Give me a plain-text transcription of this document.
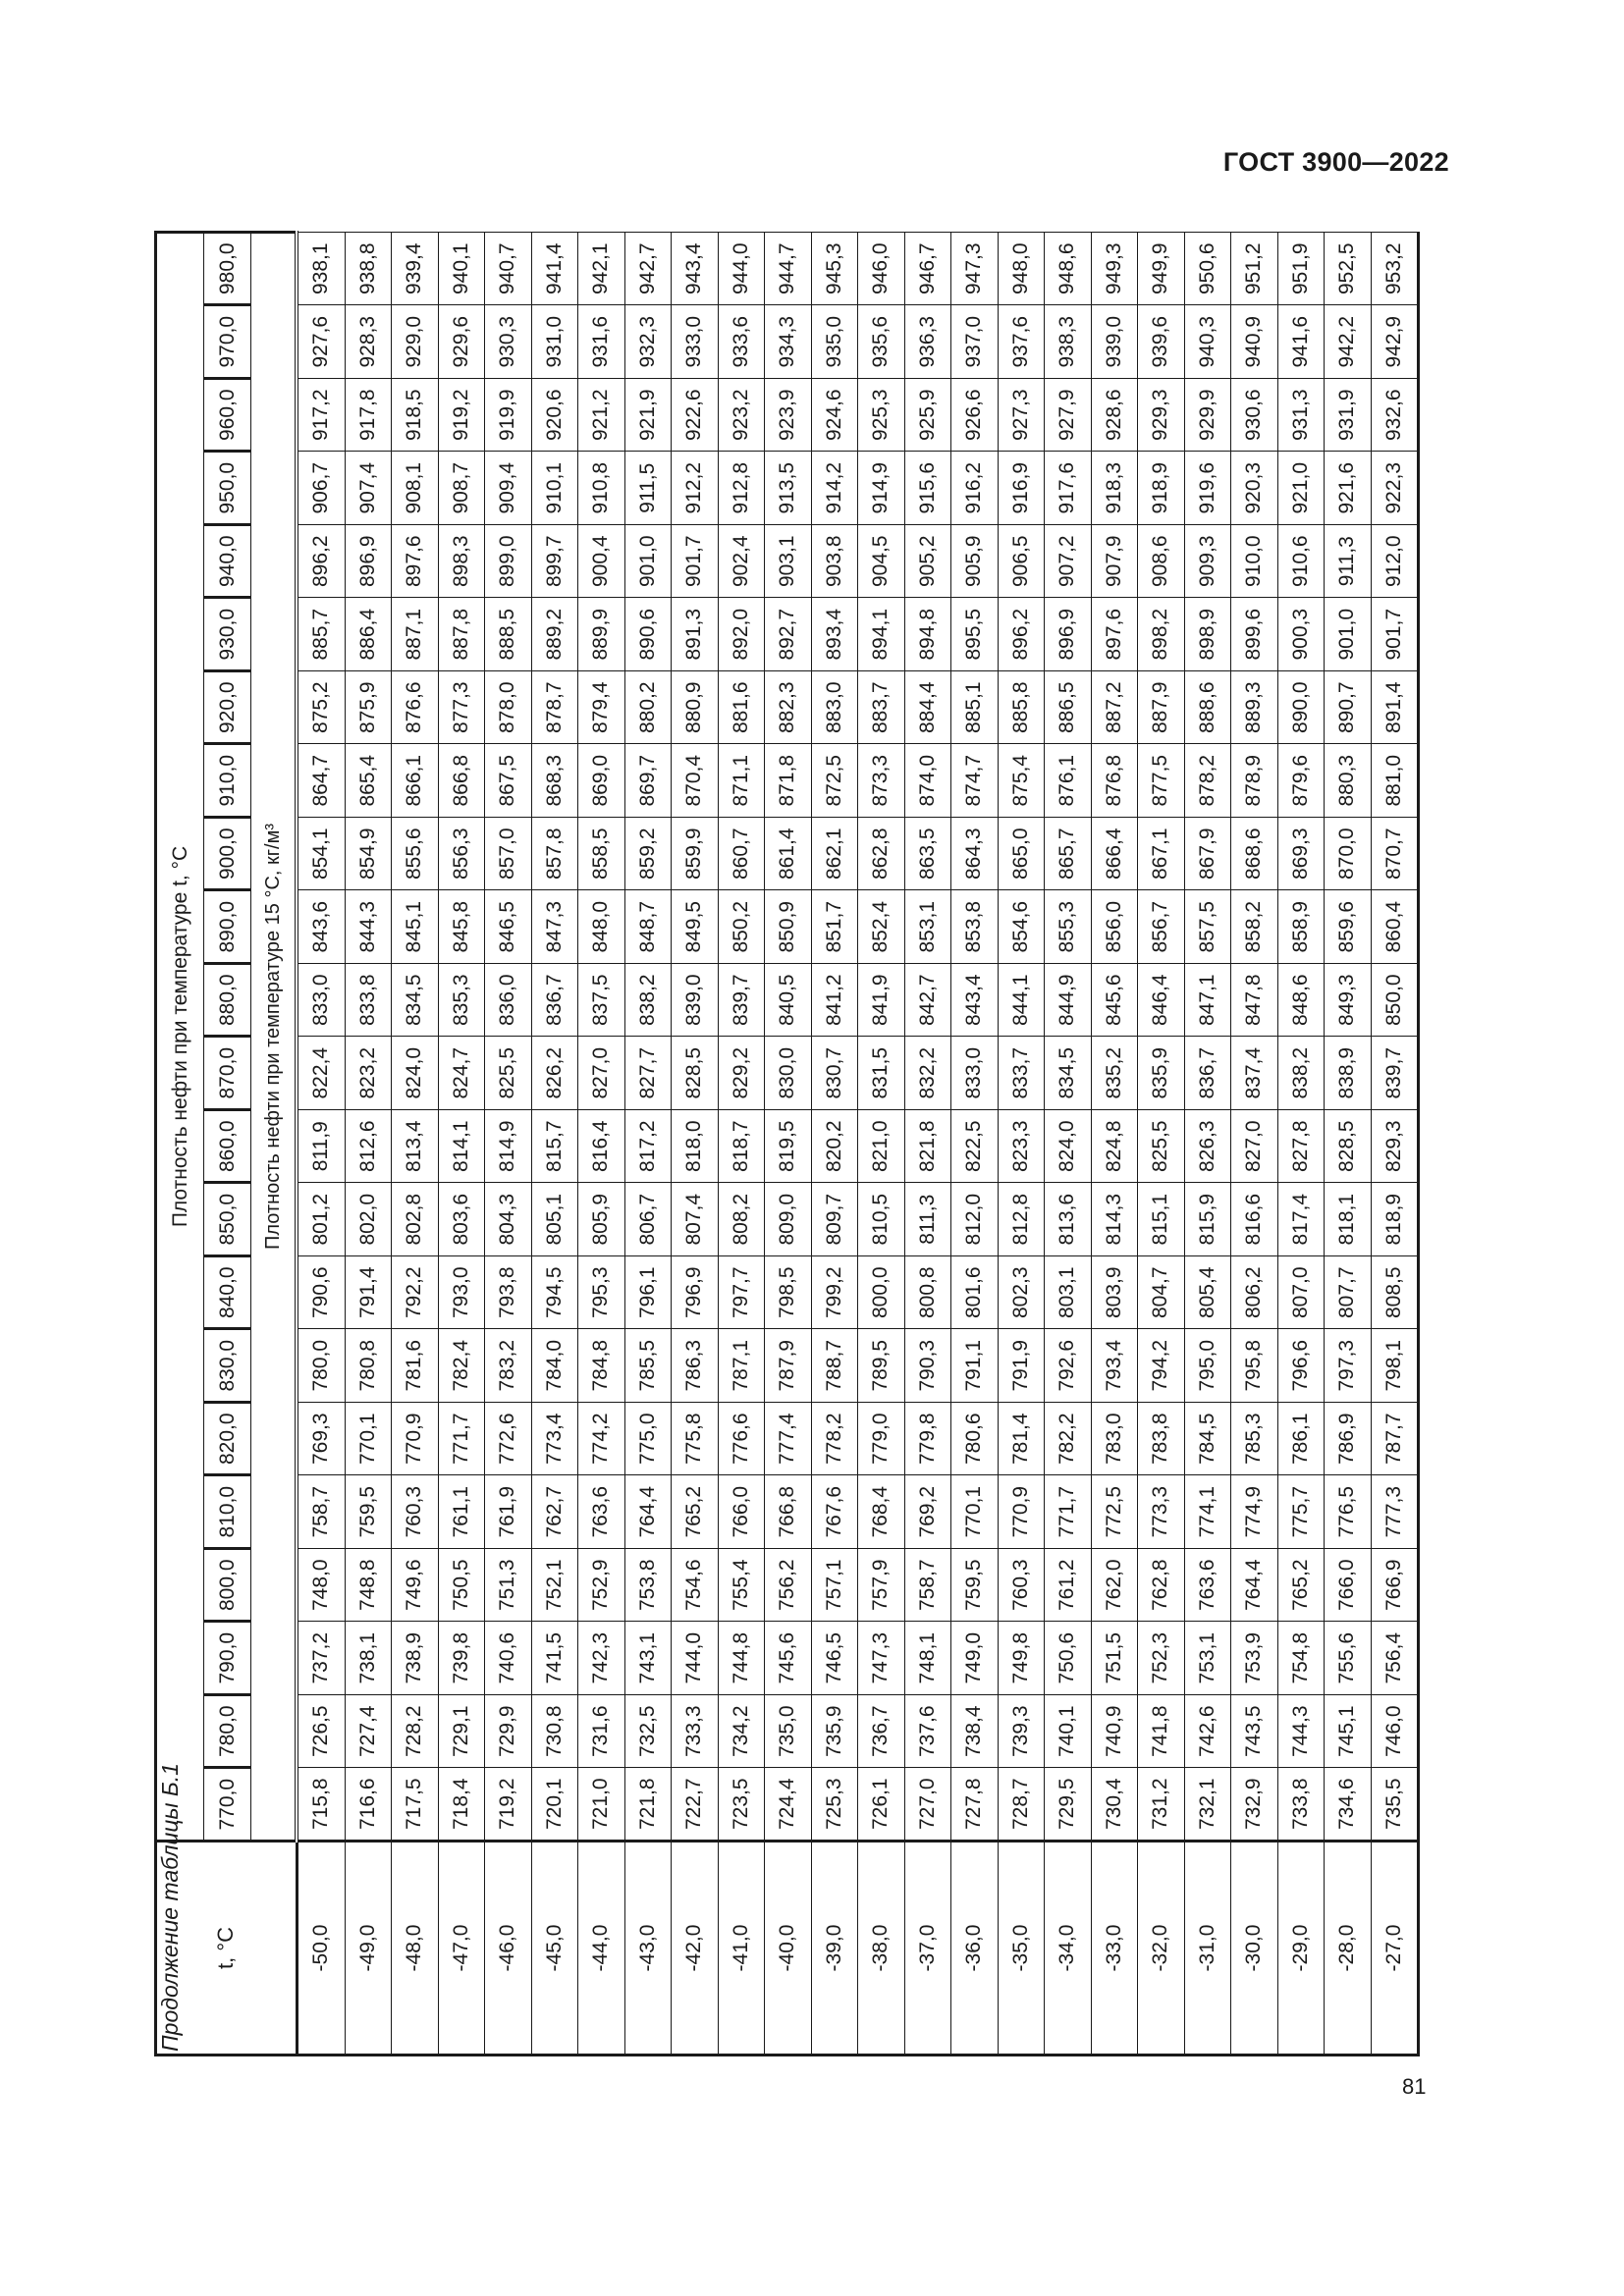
ГОСТ 3900—2022
Продолжение таблицы Б.1 t, °C	Плотность нефти при температуре t, °C																					
	770,0	780,0	790,0	800,0	810,0	820,0	830,0	840,0	850,0	860,0	870,0	880,0	890,0	900,0	910,0	920,0	930,0	940,0	950,0	960,0	970,0	980,0
	Плотность нефти при температуре 15 °C, кг/м³																					
-50,0	715,8	726,5	737,2	748,0	758,7	769,3	780,0	790,6	801,2	811,9	822,4	833,0	843,6	854,1	864,7	875,2	885,7	896,2	906,7	917,2	927,6	938,1
-49,0	716,6	727,4	738,1	748,8	759,5	770,1	780,8	791,4	802,0	812,6	823,2	833,8	844,3	854,9	865,4	875,9	886,4	896,9	907,4	917,8	928,3	938,8
-48,0	717,5	728,2	738,9	749,6	760,3	770,9	781,6	792,2	802,8	813,4	824,0	834,5	845,1	855,6	866,1	876,6	887,1	897,6	908,1	918,5	929,0	939,4
-47,0	718,4	729,1	739,8	750,5	761,1	771,7	782,4	793,0	803,6	814,1	824,7	835,3	845,8	856,3	866,8	877,3	887,8	898,3	908,7	919,2	929,6	940,1
-46,0	719,2	729,9	740,6	751,3	761,9	772,6	783,2	793,8	804,3	814,9	825,5	836,0	846,5	857,0	867,5	878,0	888,5	899,0	909,4	919,9	930,3	940,7
-45,0	720,1	730,8	741,5	752,1	762,7	773,4	784,0	794,5	805,1	815,7	826,2	836,7	847,3	857,8	868,3	878,7	889,2	899,7	910,1	920,6	931,0	941,4
-44,0	721,0	731,6	742,3	752,9	763,6	774,2	784,8	795,3	805,9	816,4	827,0	837,5	848,0	858,5	869,0	879,4	889,9	900,4	910,8	921,2	931,6	942,1
-43,0	721,8	732,5	743,1	753,8	764,4	775,0	785,5	796,1	806,7	817,2	827,7	838,2	848,7	859,2	869,7	880,2	890,6	901,0	911,5	921,9	932,3	942,7
-42,0	722,7	733,3	744,0	754,6	765,2	775,8	786,3	796,9	807,4	818,0	828,5	839,0	849,5	859,9	870,4	880,9	891,3	901,7	912,2	922,6	933,0	943,4
-41,0	723,5	734,2	744,8	755,4	766,0	776,6	787,1	797,7	808,2	818,7	829,2	839,7	850,2	860,7	871,1	881,6	892,0	902,4	912,8	923,2	933,6	944,0
-40,0	724,4	735,0	745,6	756,2	766,8	777,4	787,9	798,5	809,0	819,5	830,0	840,5	850,9	861,4	871,8	882,3	892,7	903,1	913,5	923,9	934,3	944,7
-39,0	725,3	735,9	746,5	757,1	767,6	778,2	788,7	799,2	809,7	820,2	830,7	841,2	851,7	862,1	872,5	883,0	893,4	903,8	914,2	924,6	935,0	945,3
-38,0	726,1	736,7	747,3	757,9	768,4	779,0	789,5	800,0	810,5	821,0	831,5	841,9	852,4	862,8	873,3	883,7	894,1	904,5	914,9	925,3	935,6	946,0
-37,0	727,0	737,6	748,1	758,7	769,2	779,8	790,3	800,8	811,3	821,8	832,2	842,7	853,1	863,5	874,0	884,4	894,8	905,2	915,6	925,9	936,3	946,7
-36,0	727,8	738,4	749,0	759,5	770,1	780,6	791,1	801,6	812,0	822,5	833,0	843,4	853,8	864,3	874,7	885,1	895,5	905,9	916,2	926,6	937,0	947,3
-35,0	728,7	739,3	749,8	760,3	770,9	781,4	791,9	802,3	812,8	823,3	833,7	844,1	854,6	865,0	875,4	885,8	896,2	906,5	916,9	927,3	937,6	948,0
-34,0	729,5	740,1	750,6	761,2	771,7	782,2	792,6	803,1	813,6	824,0	834,5	844,9	855,3	865,7	876,1	886,5	896,9	907,2	917,6	927,9	938,3	948,6
-33,0	730,4	740,9	751,5	762,0	772,5	783,0	793,4	803,9	814,3	824,8	835,2	845,6	856,0	866,4	876,8	887,2	897,6	907,9	918,3	928,6	939,0	949,3
-32,0	731,2	741,8	752,3	762,8	773,3	783,8	794,2	804,7	815,1	825,5	835,9	846,4	856,7	867,1	877,5	887,9	898,2	908,6	918,9	929,3	939,6	949,9
-31,0	732,1	742,6	753,1	763,6	774,1	784,5	795,0	805,4	815,9	826,3	836,7	847,1	857,5	867,9	878,2	888,6	898,9	909,3	919,6	929,9	940,3	950,6
-30,0	732,9	743,5	753,9	764,4	774,9	785,3	795,8	806,2	816,6	827,0	837,4	847,8	858,2	868,6	878,9	889,3	899,6	910,0	920,3	930,6	940,9	951,2
-29,0	733,8	744,3	754,8	765,2	775,7	786,1	796,6	807,0	817,4	827,8	838,2	848,6	858,9	869,3	879,6	890,0	900,3	910,6	921,0	931,3	941,6	951,9
-28,0	734,6	745,1	755,6	766,0	776,5	786,9	797,3	807,7	818,1	828,5	838,9	849,3	859,6	870,0	880,3	890,7	901,0	911,3	921,6	931,9	942,2	952,5
-27,0	735,5	746,0	756,4	766,9	777,3	787,7	798,1	808,5	818,9	829,3	839,7	850,0	860,4	870,7	881,0	891,4	901,7	912,0	922,3	932,6	942,9	953,2
81
